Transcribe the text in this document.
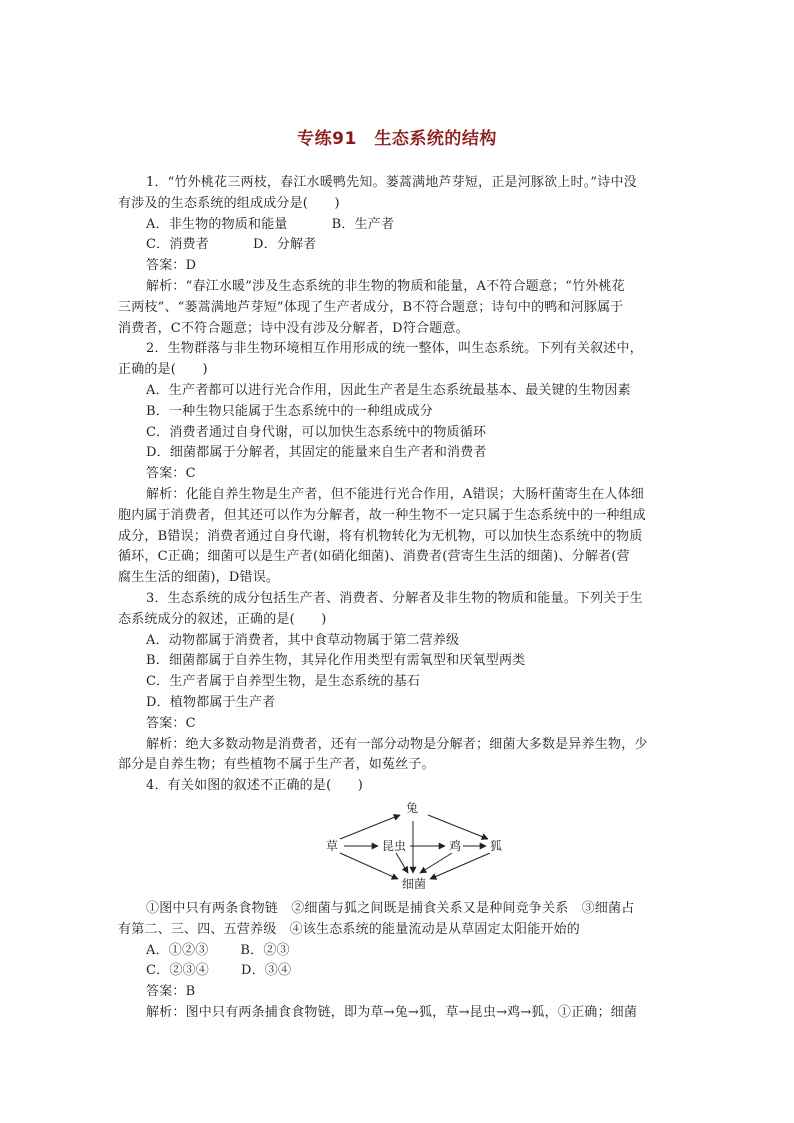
专练91　生态系统的结构
1．“竹外桃花三两枝，春江水暖鸭先知。蒌蒿满地芦芽短，正是河豚欲上时。”诗中没
有涉及的生态系统的组成成分是(　　)
A．非生物的物质和能量	B．生产者
C．消费者	D．分解者
答案：D
解析：“春江水暖”涉及生态系统的非生物的物质和能量，A不符合题意；“竹外桃花
三两枝”、“蒌蒿满地芦芽短”体现了生产者成分，B不符合题意；诗句中的鸭和河豚属于
消费者，C不符合题意；诗中没有涉及分解者，D符合题意。
2．生物群落与非生物环境相互作用形成的统一整体，叫生态系统。下列有关叙述中，
正确的是(　　)
A．生产者都可以进行光合作用，因此生产者是生态系统最基本、最关键的生物因素
B．一种生物只能属于生态系统中的一种组成成分
C．消费者通过自身代谢，可以加快生态系统中的物质循环
D．细菌都属于分解者，其固定的能量来自生产者和消费者
答案：C
解析：化能自养生物是生产者，但不能进行光合作用，A错误；大肠杆菌寄生在人体细
胞内属于消费者，但其还可以作为分解者，故一种生物不一定只属于生态系统中的一种组成
成分，B错误；消费者通过自身代谢，将有机物转化为无机物，可以加快生态系统中的物质
循环，C正确；细菌可以是生产者(如硝化细菌)、消费者(营寄生生活的细菌)、分解者(营
腐生生活的细菌)，D错误。
3．生态系统的成分包括生产者、消费者、分解者及非生物的物质和能量。下列关于生
态系统成分的叙述，正确的是(　　)
A．动物都属于消费者，其中食草动物属于第二营养级
B．细菌都属于自养生物，其异化作用类型有需氧型和厌氧型两类
C．生产者属于自养型生物，是生态系统的基石
D．植物都属于生产者
答案：C
解析：绝大多数动物是消费者，还有一部分动物是分解者；细菌大多数是异养生物，少
部分是自养生物；有些植物不属于生产者，如菟丝子。
4．有关如图的叙述不正确的是(　　)
兔
草	昆虫	鸡 狐
细菌
①图中只有两条食物链　②细菌与狐之间既是捕食关系又是种间竞争关系　③细菌占
有第二、三、四、五营养级　④该生态系统的能量流动是从草固定太阳能开始的
A．①②③ B．②③
C．②③④ D．③④
答案：B
解析：图中只有两条捕食食物链，即为草→兔→狐，草→昆虫→鸡→狐，①正确；细菌
